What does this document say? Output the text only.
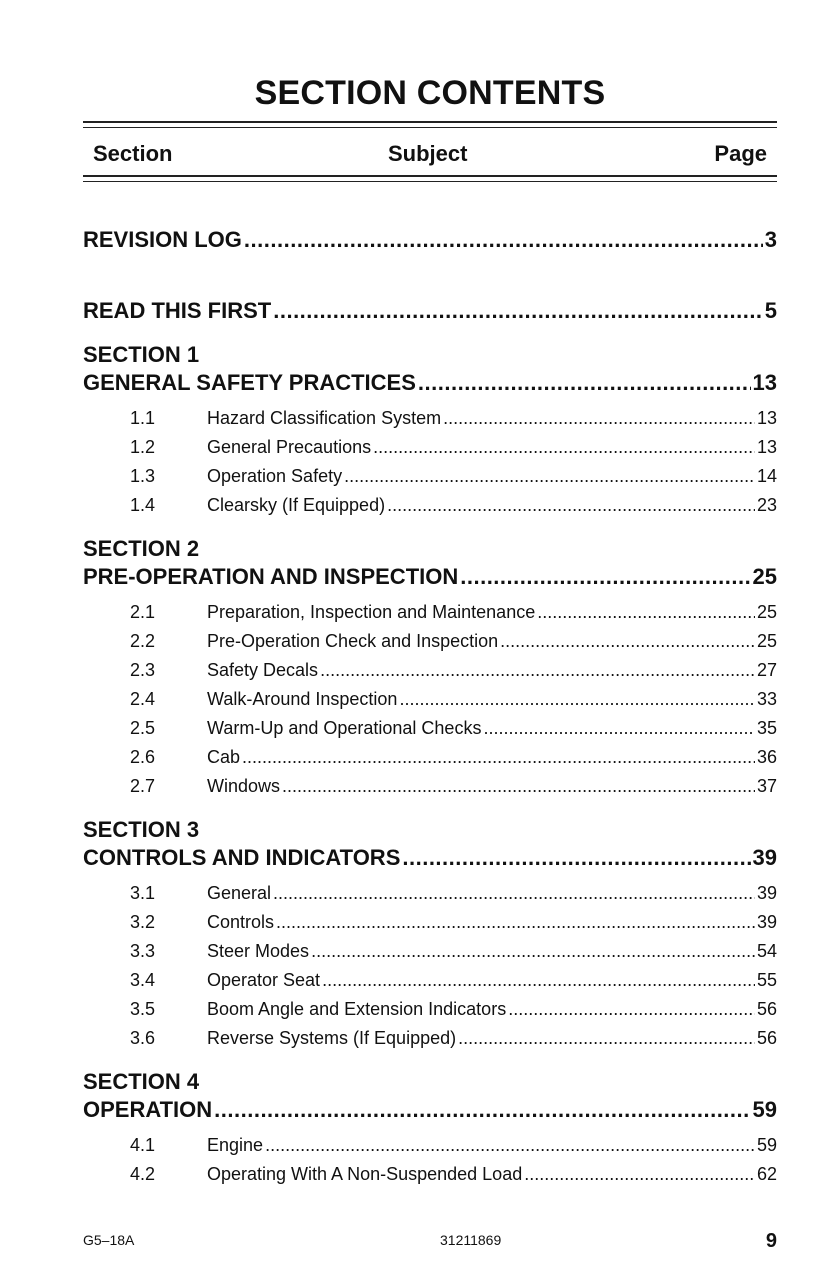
SECTION CONTENTS
Section	Subject	Page
REVISION LOG .....	3
READ THIS FIRST .....	5
SECTION 1
GENERAL SAFETY PRACTICES .....	13
1.1	Hazard Classification System .....	13
1.2	General Precautions .....	13
1.3	Operation Safety .....	14
1.4	Clearsky (If Equipped) .....	23
SECTION 2
PRE-OPERATION AND INSPECTION .....	25
2.1	Preparation, Inspection and Maintenance .....	25
2.2	Pre-Operation Check and Inspection .....	25
2.3	Safety Decals .....	27
2.4	Walk-Around Inspection .....	33
2.5	Warm-Up and Operational Checks .....	35
2.6	Cab .....	36
2.7	Windows .....	37
SECTION 3
CONTROLS AND INDICATORS .....	39
3.1	General .....	39
3.2	Controls .....	39
3.3	Steer Modes .....	54
3.4	Operator Seat .....	55
3.5	Boom Angle and Extension Indicators .....	56
3.6	Reverse Systems (If Equipped) .....	56
SECTION 4
OPERATION .....	59
4.1	Engine .....	59
4.2	Operating With A Non-Suspended Load .....	62
G5–18A	31211869	9
